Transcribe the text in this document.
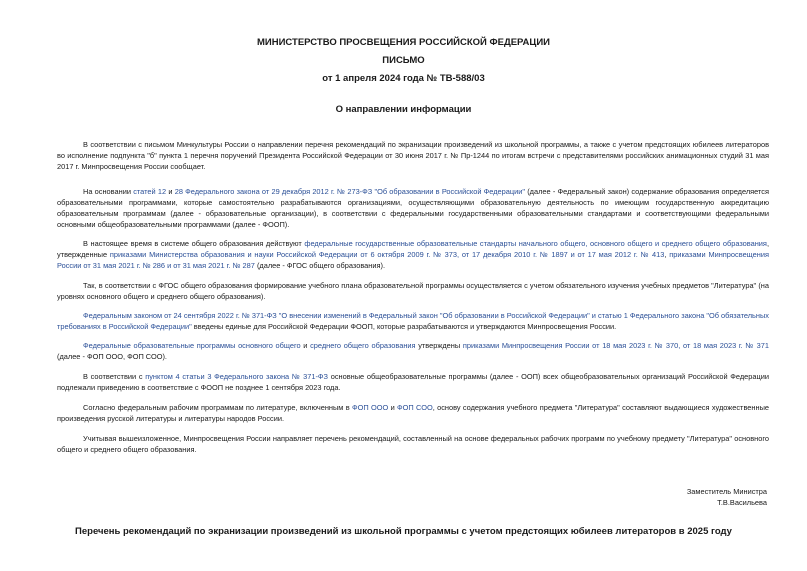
МИНИСТЕРСТВО ПРОСВЕЩЕНИЯ РОССИЙСКОЙ ФЕДЕРАЦИИ
ПИСЬМО
от 1 апреля 2024 года № ТВ-588/03
О направлении информации
В соответствии с письмом Минкультуры России о направлении перечня рекомендаций по экранизации произведений из школьной программы, а также с учетом предстоящих юбилеев литераторов во исполнение подпункта "б" пункта 1 перечня поручений Президента Российской Федерации от 30 июня 2017 г. № Пр-1244 по итогам встречи с представителями российских анимационных студий 31 мая 2017 г. Минпросвещения России сообщает.
На основании статей 12 и 28 Федерального закона от 29 декабря 2012 г. № 273-ФЗ "Об образовании в Российской Федерации" (далее - Федеральный закон) содержание образования определяется образовательными программами, которые самостоятельно разрабатываются организациями, осуществляющими образовательную деятельность по имеющим государственную аккредитацию образовательным программам (далее - образовательные организации), в соответствии с федеральными государственными образовательными стандартами и соответствующими федеральными основными общеобразовательными программами (далее - ФООП).
В настоящее время в системе общего образования действуют федеральные государственные образовательные стандарты начального общего, основного общего и среднего общего образования, утвержденные приказами Министерства образования и науки Российской Федерации от 6 октября 2009 г. № 373, от 17 декабря 2010 г. № 1897 и от 17 мая 2012 г. № 413, приказами Минпросвещения России от 31 мая 2021 г. № 286 и от 31 мая 2021 г. № 287 (далее - ФГОС общего образования).
Так, в соответствии с ФГОС общего образования формирование учебного плана образовательной программы осуществляется с учетом обязательного изучения учебных предметов "Литература" (на уровнях основного общего и среднего общего образования).
Федеральным законом от 24 сентября 2022 г. № 371-ФЗ "О внесении изменений в Федеральный закон "Об образовании в Российской Федерации" и статью 1 Федерального закона "Об обязательных требованиях в Российской Федерации" введены единые для Российской Федерации ФООП, которые разрабатываются и утверждаются Минпросвещения России.
Федеральные образовательные программы основного общего и среднего общего образования утверждены приказами Минпросвещения России от 18 мая 2023 г. № 370, от 18 мая 2023 г. № 371 (далее - ФОП ООО, ФОП СОО).
В соответствии с пунктом 4 статьи 3 Федерального закона № 371-ФЗ основные общеобразовательные программы (далее - ООП) всех общеобразовательных организаций Российской Федерации подлежали приведению в соответствие с ФООП не позднее 1 сентября 2023 года.
Согласно федеральным рабочим программам по литературе, включенным в ФОП ООО и ФОП СОО, основу содержания учебного предмета "Литература" составляют выдающиеся художественные произведения русской литературы и литературы народов России.
Учитывая вышеизложенное, Минпросвещения России направляет перечень рекомендаций, составленный на основе федеральных рабочих программ по учебному предмету "Литература" основного общего и среднего общего образования.
Заместитель Министра
Т.В.Васильева
Перечень рекомендаций по экранизации произведений из школьной программы с учетом предстоящих юбилеев литераторов в 2025 году
